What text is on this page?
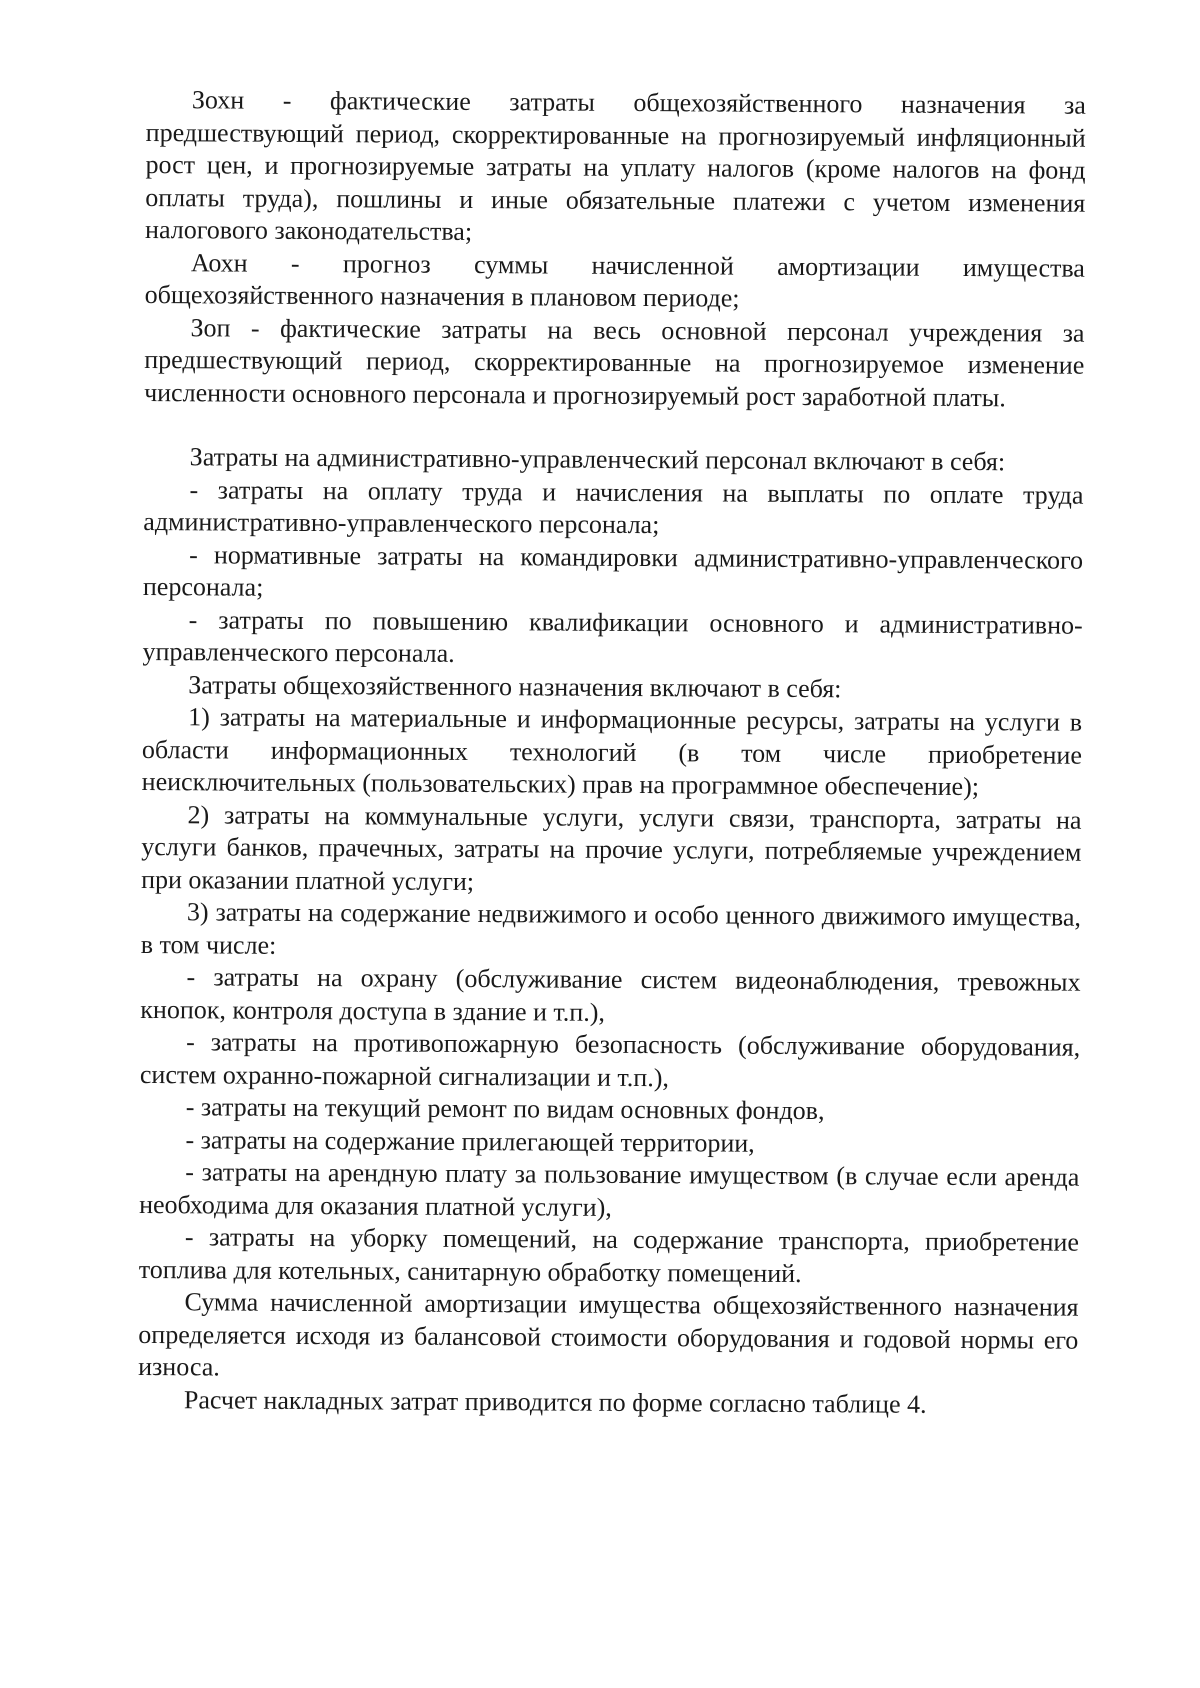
Зохн - фактические затраты общехозяйственного назначения за предшествующий период, скорректированные на прогнозируемый инфляционный рост цен, и прогнозируемые затраты на уплату налогов (кроме налогов на фонд оплаты труда), пошлины и иные обязательные платежи с учетом изменения налогового законодательства;

Аохн - прогноз суммы начисленной амортизации имущества общехозяйственного назначения в плановом периоде;

Зоп - фактические затраты на весь основной персонал учреждения за предшествующий период, скорректированные на прогнозируемое изменение численности основного персонала и прогнозируемый рост заработной платы.

Затраты на административно-управленческий персонал включают в себя:

- затраты на оплату труда и начисления на выплаты по оплате труда административно-управленческого персонала;

- нормативные затраты на командировки административно-управленческого персонала;

- затраты по повышению квалификации основного и административно-управленческого персонала.

Затраты общехозяйственного назначения включают в себя:

1) затраты на материальные и информационные ресурсы, затраты на услуги в области информационных технологий (в том числе приобретение неисключительных (пользовательских) прав на программное обеспечение);

2) затраты на коммунальные услуги, услуги связи, транспорта, затраты на услуги банков, прачечных, затраты на прочие услуги, потребляемые учреждением при оказании платной услуги;

3) затраты на содержание недвижимого и особо ценного движимого имущества, в том числе:

- затраты на охрану (обслуживание систем видеонаблюдения, тревожных кнопок, контроля доступа в здание и т.п.),

- затраты на противопожарную безопасность (обслуживание оборудования, систем охранно-пожарной сигнализации и т.п.),

- затраты на текущий ремонт по видам основных фондов,

- затраты на содержание прилегающей территории,

- затраты на арендную плату за пользование имуществом (в случае если аренда необходима для оказания платной услуги),

- затраты на уборку помещений, на содержание транспорта, приобретение топлива для котельных, санитарную обработку помещений.

Сумма начисленной амортизации имущества общехозяйственного назначения определяется исходя из балансовой стоимости оборудования и годовой нормы его износа.

Расчет накладных затрат приводится по форме согласно таблице 4.
